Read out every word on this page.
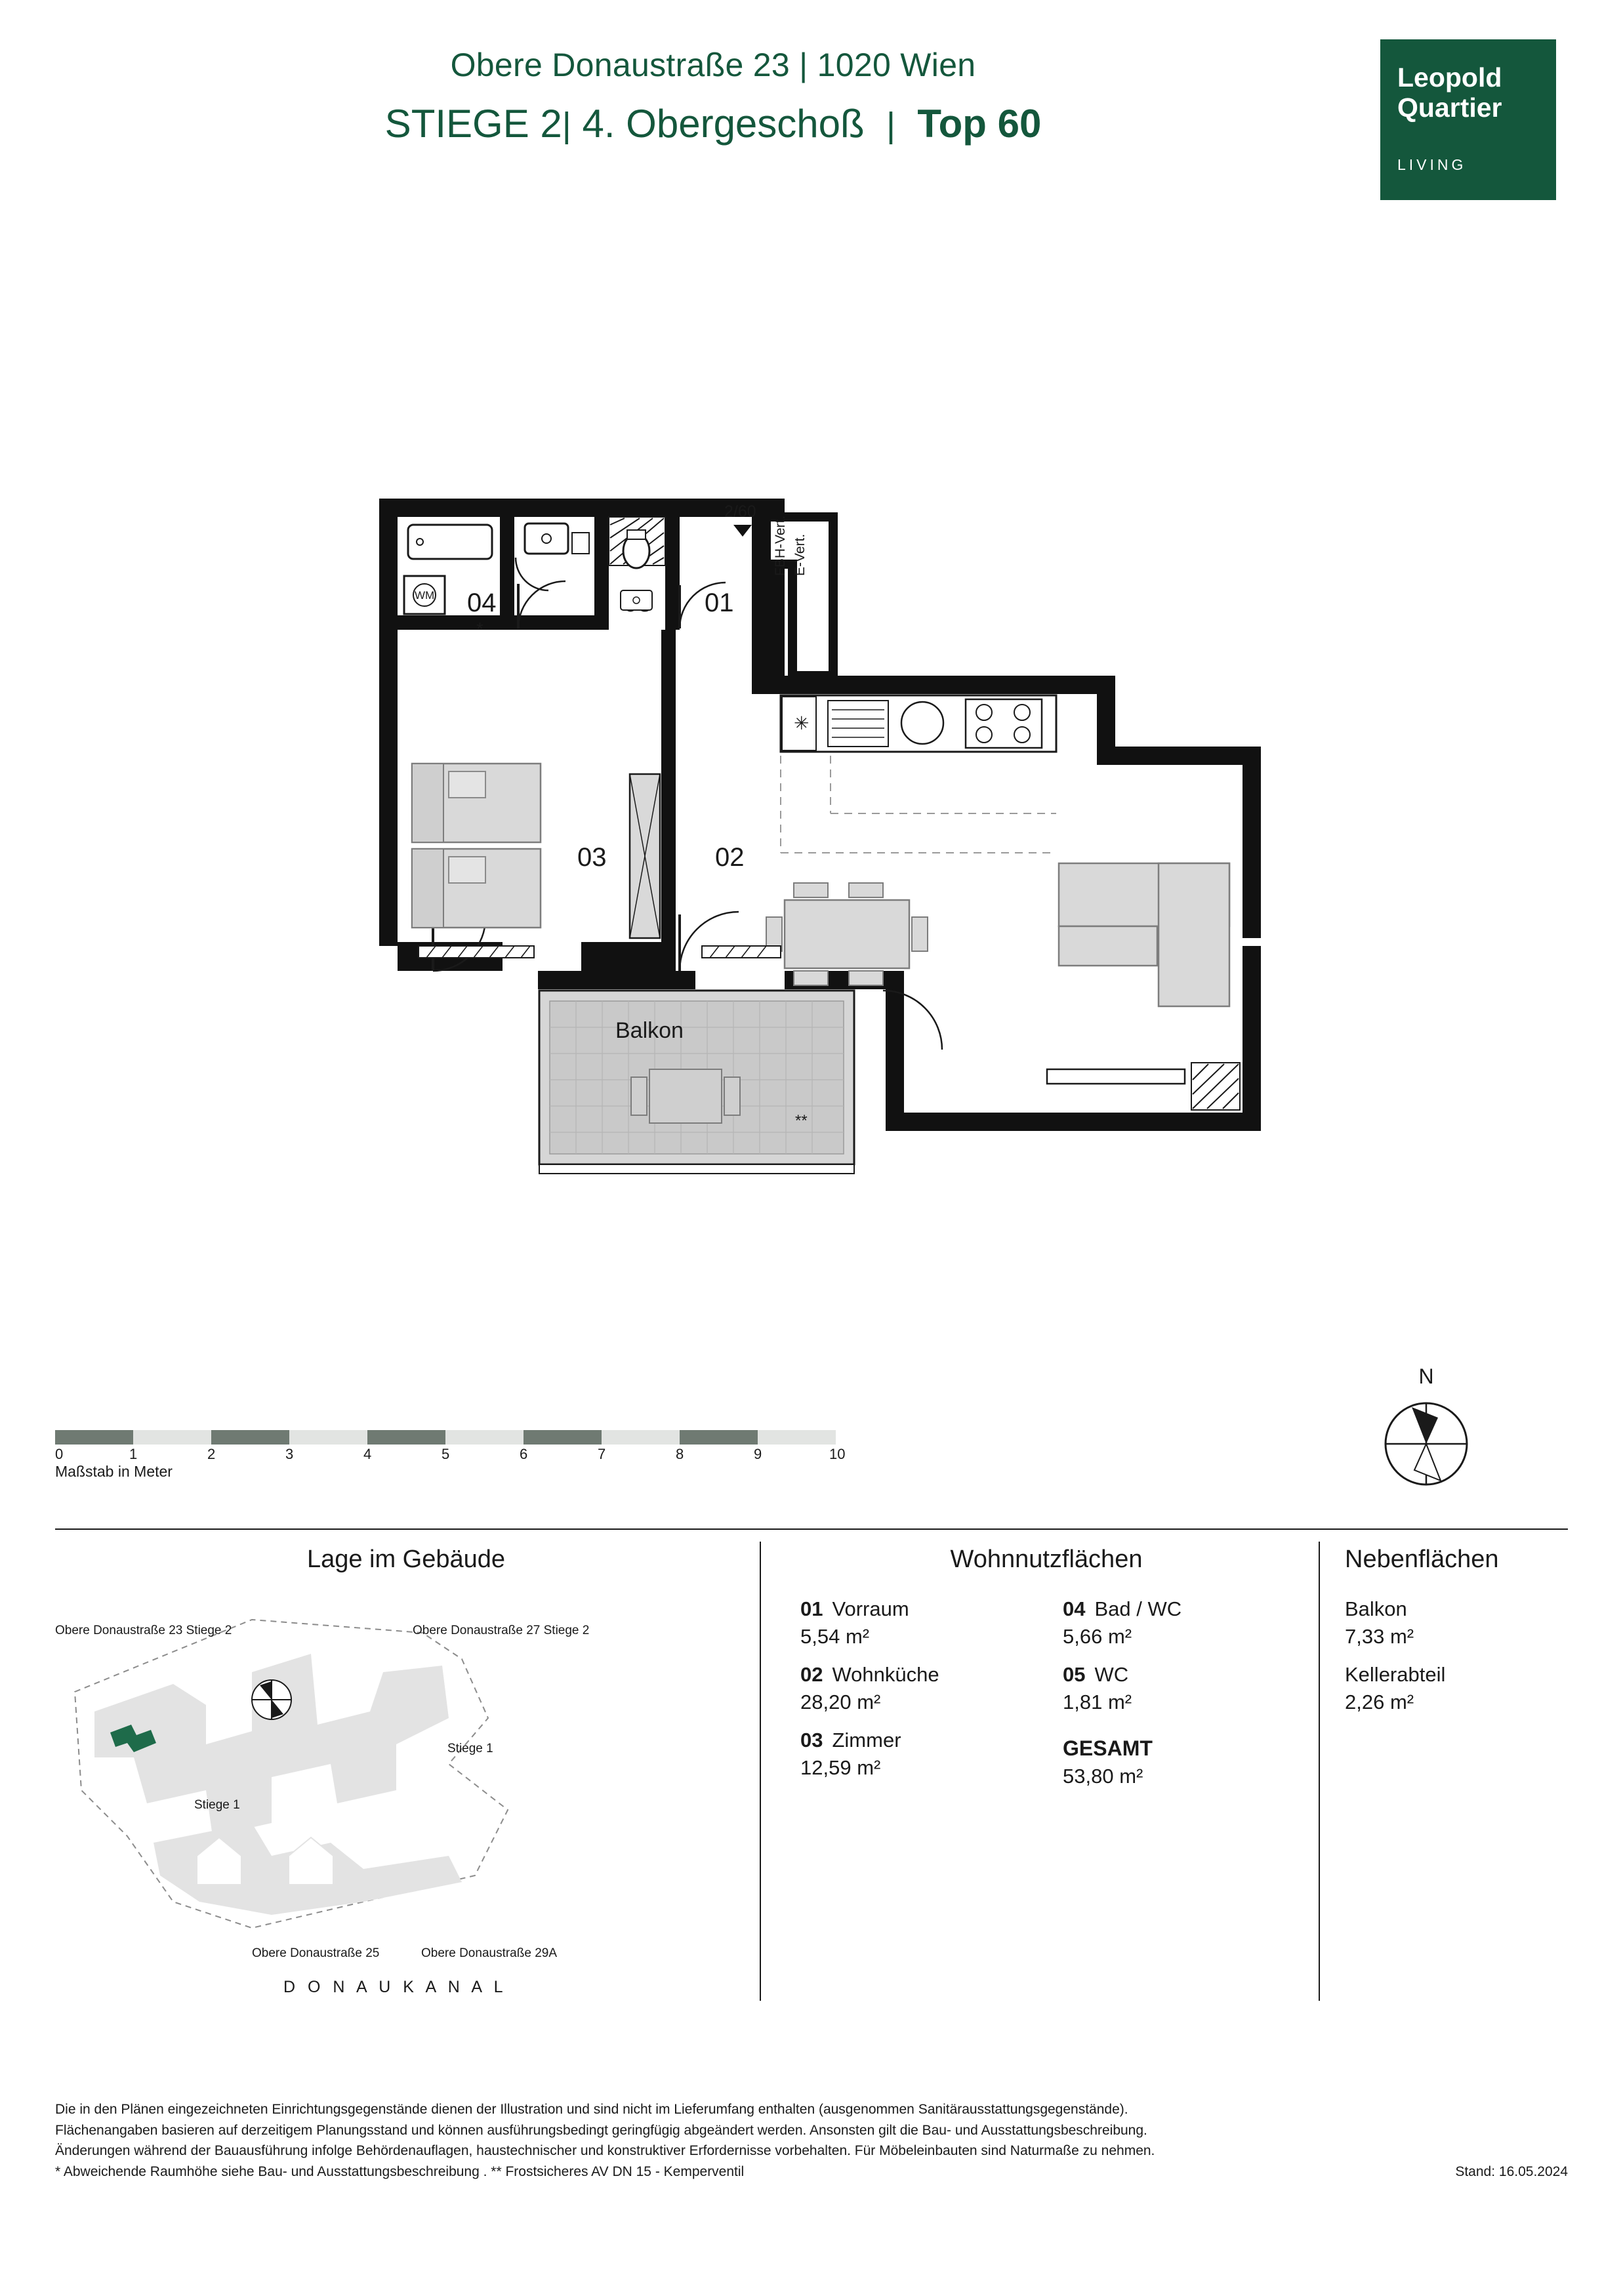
Obere Donaustraße 23 | 1020 Wien
STIEGE 2| 4. Obergeschoß | Top 60
Leopold
Quartier
LIVING
**
Balkon
FBH-Vert. E-Vert.
2/60
04
*
01
03	02
WM
✳
0	1	2	3	4	5	6	7	8	9	10
Maßstab in Meter
N
Lage im Gebäude
Obere Donaustraße 23 Stiege 2	Obere Donaustraße 27 Stiege 2
Stiege 1
Stiege 1
Obere Donaustraße 25	Obere Donaustraße 29A
D O N A U K A N A L
Wohnnutzflächen
01 Vorraum
5,54 m²
02 Wohnküche
28,20 m²
03 Zimmer
12,59 m²
04 Bad / WC
5,66 m²
05 WC
1,81 m²
GESAMT
53,80 m²
Nebenflächen
Balkon
7,33 m²
Kellerabteil
2,26 m²
Die in den Plänen eingezeichneten Einrichtungsgegenstände dienen der Illustration und sind nicht im Lieferumfang enthalten (ausgenommen Sanitärausstattungsgegenstände).
Flächenangaben basieren auf derzeitigem Planungsstand und können ausführungsbedingt geringfügig abgeändert werden. Ansonsten gilt die Bau- und Ausstattungsbeschreibung.
Änderungen während der Bauausführung infolge Behördenauflagen, haustechnischer und konstruktiver Erfordernisse vorbehalten. Für Möbeleinbauten sind Naturmaße zu nehmen.
* Abweichende Raumhöhe siehe Bau- und Ausstattungsbeschreibung . ** Frostsicheres AV DN 15 - Kemperventil	Stand: 16.05.2024
